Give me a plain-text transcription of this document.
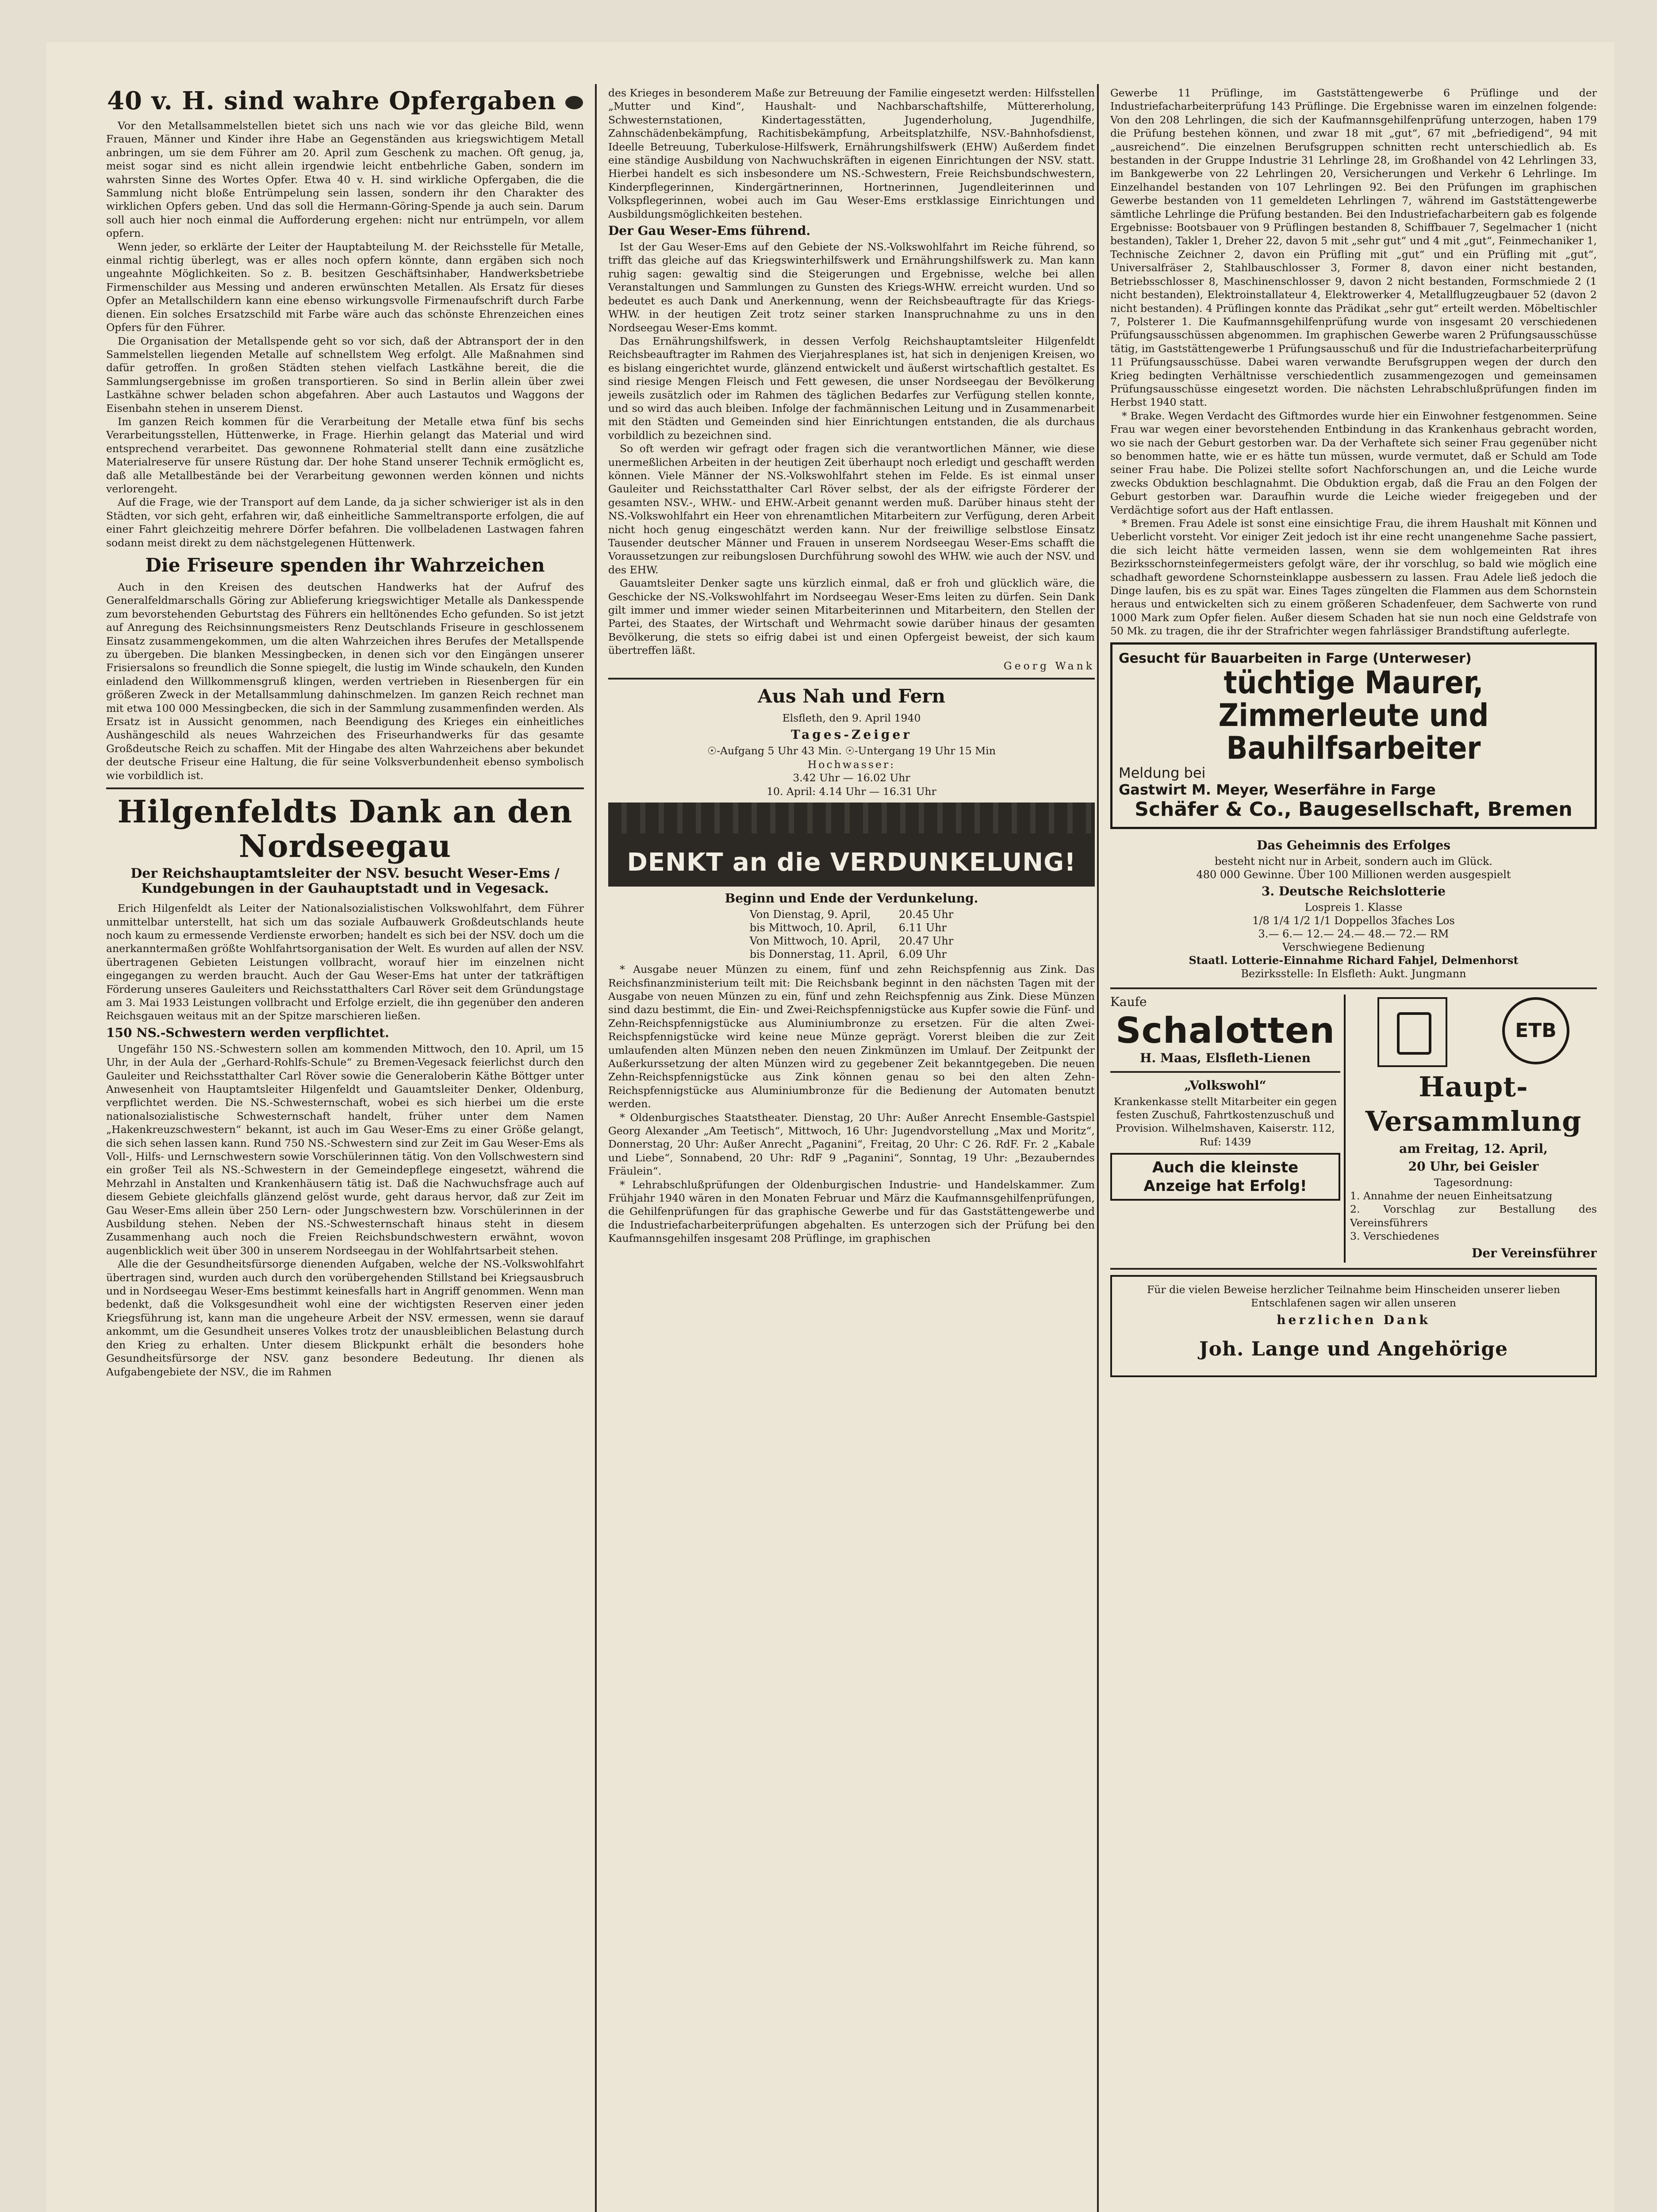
40 v. H. sind wahre Opfergaben

Vor den Metallsammelstellen bietet sich uns nach wie vor das gleiche Bild, wenn Frauen, Männer und Kinder ihre Habe an Gegenständen aus kriegswichtigem Metall anbringen, um sie dem Führer am 20. April zum Geschenk zu machen. Oft genug, ja, meist sogar sind es nicht allein irgendwie leicht entbehrliche Gaben, sondern im wahrsten Sinne des Wortes Opfer. Etwa 40 v. H. sind wirkliche Opfergaben, die die Sammlung nicht bloße Entrümpelung sein lassen, sondern ihr den Charakter des wirklichen Opfers geben. Und das soll die Hermann-Göring-Spende ja auch sein. Darum soll auch hier noch einmal die Aufforderung ergehen: nicht nur entrümpeln, vor allem opfern.

Wenn jeder, so erklärte der Leiter der Hauptabteilung M. der Reichsstelle für Metalle, einmal richtig überlegt, was er alles noch opfern könnte, dann ergäben sich noch ungeahnte Möglichkeiten. So z. B. besitzen Geschäftsinhaber, Handwerksbetriebe Firmenschilder aus Messing und anderen erwünschten Metallen. Als Ersatz für dieses Opfer an Metallschildern kann eine ebenso wirkungsvolle Firmenaufschrift durch Farbe dienen. Ein solches Ersatzschild mit Farbe wäre auch das schönste Ehrenzeichen eines Opfers für den Führer.

Die Organisation der Metallspende geht so vor sich, daß der Abtransport der in den Sammelstellen liegenden Metalle auf schnellstem Weg erfolgt. Alle Maßnahmen sind dafür getroffen. In großen Städten stehen vielfach Lastkähne bereit, die die Sammlungsergebnisse im großen transportieren. So sind in Berlin allein über zwei Lastkähne schwer beladen schon abgefahren. Aber auch Lastautos und Waggons der Eisenbahn stehen in unserem Dienst.

Im ganzen Reich kommen für die Verarbeitung der Metalle etwa fünf bis sechs Verarbeitungsstellen, Hüttenwerke, in Frage. Hierhin gelangt das Material und wird entsprechend verarbeitet. Das gewonnene Rohmaterial stellt dann eine zusätzliche Materialreserve für unsere Rüstung dar. Der hohe Stand unserer Technik ermöglicht es, daß alle Metallbestände bei der Verarbeitung gewonnen werden können und nichts verlorengeht.

Auf die Frage, wie der Transport auf dem Lande, da ja sicher schwieriger ist als in den Städten, vor sich geht, erfahren wir, daß einheitliche Sammeltransporte erfolgen, die auf einer Fahrt gleichzeitig mehrere Dörfer befahren. Die vollbeladenen Lastwagen fahren sodann meist direkt zu dem nächstgelegenen Hüttenwerk.

Die Friseure spenden ihr Wahrzeichen

Auch in den Kreisen des deutschen Handwerks hat der Aufruf des Generalfeldmarschalls Göring zur Ablieferung kriegswichtiger Metalle als Dankesspende zum bevorstehenden Geburtstag des Führers ein helltönendes Echo gefunden. So ist jetzt auf Anregung des Reichsinnungsmeisters Renz Deutschlands Friseure in geschlossenem Einsatz zusammengekommen, um die alten Wahrzeichen ihres Berufes der Metallspende zu übergeben. Die blanken Messingbecken, in denen sich vor den Eingängen unserer Frisiersalons so freundlich die Sonne spiegelt, die lustig im Winde schaukeln, den Kunden einladend den Willkommensgruß klingen, werden vertrieben in Riesenbergen für ein größeren Zweck in der Metallsammlung dahinschmelzen. Im ganzen Reich rechnet man mit etwa 100 000 Messingbecken, die sich in der Sammlung zusammenfinden werden. Als Ersatz ist in Aussicht genommen, nach Beendigung des Krieges ein einheitliches Aushängeschild als neues Wahrzeichen des Friseurhandwerks für das gesamte Großdeutsche Reich zu schaffen. Mit der Hingabe des alten Wahrzeichens aber bekundet der deutsche Friseur eine Haltung, die für seine Volksverbundenheit ebenso symbolisch wie vorbildlich ist.

Hilgenfeldts Dank an den Nordseegau
Der Reichshauptamtsleiter der NSV. besucht Weser-Ems / Kundgebungen in der Gauhauptstadt und in Vegesack.

Erich Hilgenfeldt als Leiter der Nationalsozialistischen Volkswohlfahrt, dem Führer unmittelbar unterstellt, hat sich um das soziale Aufbauwerk Großdeutschlands heute noch kaum zu ermessende Verdienste erworben; handelt es sich bei der NSV. doch um die anerkanntermaßen größte Wohlfahrtsorganisation der Welt. Es wurden auf allen der NSV. übertragenen Gebieten Leistungen vollbracht, worauf hier im einzelnen nicht eingegangen zu werden braucht. Auch der Gau Weser-Ems hat unter der tatkräftigen Förderung unseres Gauleiters und Reichsstatthalters Carl Röver seit dem Gründungstage am 3. Mai 1933 Leistungen vollbracht und Erfolge erzielt, die ihn gegenüber den anderen Reichsgauen weitaus mit an der Spitze marschieren ließen.

150 NS.-Schwestern werden verpflichtet.

Ungefähr 150 NS.-Schwestern sollen am kommenden Mittwoch, den 10. April, um 15 Uhr, in der Aula der „Gerhard-Rohlfs-Schule“ zu Bremen-Vegesack feierlichst durch den Gauleiter und Reichsstatthalter Carl Röver sowie die Generaloberin Käthe Böttger unter Anwesenheit von Hauptamtsleiter Hilgenfeldt und Gauamtsleiter Denker, Oldenburg, verpflichtet werden. Die NS.-Schwesternschaft, wobei es sich hierbei um die erste nationalsozialistische Schwesternschaft handelt, früher unter dem Namen „Hakenkreuzschwestern“ bekannt, ist auch im Gau Weser-Ems zu einer Größe gelangt, die sich sehen lassen kann. Rund 750 NS.-Schwestern sind zur Zeit im Gau Weser-Ems als Voll-, Hilfs- und Lernschwestern sowie Vorschülerinnen tätig. Von den Vollschwestern sind ein großer Teil als NS.-Schwestern in der Gemeindepflege eingesetzt, während die Mehrzahl in Anstalten und Krankenhäusern tätig ist. Daß die Nachwuchsfrage auch auf diesem Gebiete gleichfalls glänzend gelöst wurde, geht daraus hervor, daß zur Zeit im Gau Weser-Ems allein über 250 Lern- oder Jungschwestern bzw. Vorschülerinnen in der Ausbildung stehen. Neben der NS.-Schwesternschaft hinaus steht in diesem Zusammenhang auch noch die Freien Reichsbundschwestern erwähnt, wovon augenblicklich weit über 300 in unserem Nordseegau in der Wohlfahrtsarbeit stehen.

Alle die der Gesundheitsfürsorge dienenden Aufgaben, welche der NS.-Volkswohlfahrt übertragen sind, wurden auch durch den vorübergehenden Stillstand bei Kriegsausbruch und in Nordseegau Weser-Ems bestimmt keinesfalls hart in Angriff genommen. Wenn man bedenkt, daß die Volksgesundheit wohl eine der wichtigsten Reserven einer jeden Kriegsführung ist, kann man die ungeheure Arbeit der NSV. ermessen, wenn sie darauf ankommt, um die Gesundheit unseres Volkes trotz der unausbleiblichen Belastung durch den Krieg zu erhalten. Unter diesem Blickpunkt erhält die besonders hohe Gesundheitsfürsorge der NSV. ganz besondere Bedeutung. Ihr dienen als Aufgabengebiete der NSV., die im Rahmen

des Krieges in besonderem Maße zur Betreuung der Familie eingesetzt werden: Hilfsstellen „Mutter und Kind“, Haushalt- und Nachbarschaftshilfe, Müttererholung, Schwesternstationen, Kindertagesstätten, Jugenderholung, Jugendhilfe, Zahnschädenbekämpfung, Rachitisbekämpfung, Arbeitsplatzhilfe, NSV.-Bahnhofsdienst, Ideelle Betreuung, Tuberkulose-Hilfswerk, Ernährungshilfswerk (EHW) Außerdem findet eine ständige Ausbildung von Nachwuchskräften in eigenen Einrichtungen der NSV. statt. Hierbei handelt es sich insbesondere um NS.-Schwestern, Freie Reichsbundschwestern, Kinderpflegerinnen, Kindergärtnerinnen, Hortnerinnen, Jugendleiterinnen und Volkspflegerinnen, wobei auch im Gau Weser-Ems erstklassige Einrichtungen und Ausbildungsmöglichkeiten bestehen.

Der Gau Weser-Ems führend.

Ist der Gau Weser-Ems auf den Gebiete der NS.-Volkswohlfahrt im Reiche führend, so trifft das gleiche auf das Kriegswinterhilfswerk und Ernährungshilfswerk zu. Man kann ruhig sagen: gewaltig sind die Steigerungen und Ergebnisse, welche bei allen Veranstaltungen und Sammlungen zu Gunsten des Kriegs-WHW. erreicht wurden. Und so bedeutet es auch Dank und Anerkennung, wenn der Reichsbeauftragte für das Kriegs-WHW. in der heutigen Zeit trotz seiner starken Inanspruchnahme zu uns in den Nordseegau Weser-Ems kommt.

Das Ernährungshilfswerk, in dessen Verfolg Reichshauptamtsleiter Hilgenfeldt Reichsbeauftragter im Rahmen des Vierjahresplanes ist, hat sich in denjenigen Kreisen, wo es bislang eingerichtet wurde, glänzend entwickelt und äußerst wirtschaftlich gestaltet. Es sind riesige Mengen Fleisch und Fett gewesen, die unser Nordseegau der Bevölkerung jeweils zusätzlich oder im Rahmen des täglichen Bedarfes zur Verfügung stellen konnte, und so wird das auch bleiben. Infolge der fachmännischen Leitung und in Zusammenarbeit mit den Städten und Gemeinden sind hier Einrichtungen entstanden, die als durchaus vorbildlich zu bezeichnen sind.

So oft werden wir gefragt oder fragen sich die verantwortlichen Männer, wie diese unermeßlichen Arbeiten in der heutigen Zeit überhaupt noch erledigt und geschafft werden können. Viele Männer der NS.-Volkswohlfahrt stehen im Felde. Es ist einmal unser Gauleiter und Reichsstatthalter Carl Röver selbst, der als der eifrigste Förderer der gesamten NSV.-, WHW.- und EHW.-Arbeit genannt werden muß. Darüber hinaus steht der NS.-Volkswohlfahrt ein Heer von ehrenamtlichen Mitarbeitern zur Verfügung, deren Arbeit nicht hoch genug eingeschätzt werden kann. Nur der freiwillige selbstlose Einsatz Tausender deutscher Männer und Frauen in unserem Nordseegau Weser-Ems schafft die Voraussetzungen zur reibungslosen Durchführung sowohl des WHW. wie auch der NSV. und des EHW.

Gauamtsleiter Denker sagte uns kürzlich einmal, daß er froh und glücklich wäre, die Geschicke der NS.-Volkswohlfahrt im Nordseegau Weser-Ems leiten zu dürfen. Sein Dank gilt immer und immer wieder seinen Mitarbeiterinnen und Mitarbeitern, den Stellen der Partei, des Staates, der Wirtschaft und Wehrmacht sowie darüber hinaus der gesamten Bevölkerung, die stets so eifrig dabei ist und einen Opfergeist beweist, der sich kaum übertreffen läßt.

Georg Wank
Aus Nah und Fern
Elsfleth, den 9. April 1940
Tages-Zeiger
☉-Aufgang 5 Uhr 43 Min. ☉-Untergang 19 Uhr 15 Min
Hochwasser:
3.42 Uhr — 16.02 Uhr
10. April: 4.14 Uhr — 16.31 Uhr
DENKT an die VERDUNKELUNG!
Beginn und Ende der Verdunkelung.
Von Dienstag, 9. April,	20.45 Uhr
bis Mittwoch, 10. April,	6.11 Uhr
Von Mittwoch, 10. April,	20.47 Uhr
bis Donnerstag, 11. April,	6.09 Uhr

* Ausgabe neuer Münzen zu einem, fünf und zehn Reichspfennig aus Zink. Das Reichsfinanzministerium teilt mit: Die Reichsbank beginnt in den nächsten Tagen mit der Ausgabe von neuen Münzen zu ein, fünf und zehn Reichspfennig aus Zink. Diese Münzen sind dazu bestimmt, die Ein- und Zwei-Reichspfennigstücke aus Kupfer sowie die Fünf- und Zehn-Reichspfennigstücke aus Aluminiumbronze zu ersetzen. Für die alten Zwei-Reichspfennigstücke wird keine neue Münze geprägt. Vorerst bleiben die zur Zeit umlaufenden alten Münzen neben den neuen Zinkmünzen im Umlauf. Der Zeitpunkt der Außerkurssetzung der alten Münzen wird zu gegebener Zeit bekanntgegeben. Die neuen Zehn-Reichspfennigstücke aus Zink können genau so bei den alten Zehn-Reichspfennigstücke aus Aluminiumbronze für die Bedienung der Automaten benutzt werden.

* Oldenburgisches Staatstheater. Dienstag, 20 Uhr: Außer Anrecht Ensemble-Gastspiel Georg Alexander „Am Teetisch“, Mittwoch, 16 Uhr: Jugendvorstellung „Max und Moritz“, Donnerstag, 20 Uhr: Außer Anrecht „Paganini“, Freitag, 20 Uhr: C 26. RdF. Fr. 2 „Kabale und Liebe“, Sonnabend, 20 Uhr: RdF 9 „Paganini“, Sonntag, 19 Uhr: „Bezauberndes Fräulein“.

* Lehrabschlußprüfungen der Oldenburgischen Industrie- und Handelskammer. Zum Frühjahr 1940 wären in den Monaten Februar und März die Kaufmannsgehilfenprüfungen, die Gehilfenprüfungen für das graphische Gewerbe und für das Gaststättengewerbe und die Industriefacharbeiterprüfungen abgehalten. Es unterzogen sich der Prüfung bei den Kaufmannsgehilfen insgesamt 208 Prüflinge, im graphischen

Gewerbe 11 Prüflinge, im Gaststättengewerbe 6 Prüflinge und der Industriefacharbeiterprüfung 143 Prüflinge. Die Ergebnisse waren im einzelnen folgende: Von den 208 Lehrlingen, die sich der Kaufmannsgehilfenprüfung unterzogen, haben 179 die Prüfung bestehen können, und zwar 18 mit „gut“, 67 mit „befriedigend“, 94 mit „ausreichend“. Die einzelnen Berufsgruppen schnitten recht unterschiedlich ab. Es bestanden in der Gruppe Industrie 31 Lehrlinge 28, im Großhandel von 42 Lehrlingen 33, im Bankgewerbe von 22 Lehrlingen 20, Versicherungen und Verkehr 6 Lehrlinge. Im Einzelhandel bestanden von 107 Lehrlingen 92. Bei den Prüfungen im graphischen Gewerbe bestanden von 11 gemeldeten Lehrlingen 7, während im Gaststättengewerbe sämtliche Lehrlinge die Prüfung bestanden. Bei den Industriefacharbeitern gab es folgende Ergebnisse: Bootsbauer von 9 Prüflingen bestanden 8, Schiffbauer 7, Segelmacher 1 (nicht bestanden), Takler 1, Dreher 22, davon 5 mit „sehr gut“ und 4 mit „gut“, Feinmechaniker 1, Technische Zeichner 2, davon ein Prüfling mit „gut“ und ein Prüfling mit „gut“, Universalfräser 2, Stahlbauschlosser 3, Former 8, davon einer nicht bestanden, Betriebsschlosser 8, Maschinenschlosser 9, davon 2 nicht bestanden, Formschmiede 2 (1 nicht bestanden), Elektroinstallateur 4, Elektrowerker 4, Metallflugzeugbauer 52 (davon 2 nicht bestanden). 4 Prüflingen konnte das Prädikat „sehr gut“ erteilt werden. Möbeltischler 7, Polsterer 1. Die Kaufmannsgehilfenprüfung wurde von insgesamt 20 verschiedenen Prüfungsausschüssen abgenommen. Im graphischen Gewerbe waren 2 Prüfungsausschüsse tätig, im Gaststättengewerbe 1 Prüfungsausschuß und für die Industriefacharbeiterprüfung 11 Prüfungsausschüsse. Dabei waren verwandte Berufsgruppen wegen der durch den Krieg bedingten Verhältnisse verschiedentlich zusammengezogen und gemeinsamen Prüfungsausschüsse eingesetzt worden. Die nächsten Lehrabschlußprüfungen finden im Herbst 1940 statt.

* Brake. Wegen Verdacht des Giftmordes wurde hier ein Einwohner festgenommen. Seine Frau war wegen einer bevorstehenden Entbindung in das Krankenhaus gebracht worden, wo sie nach der Geburt gestorben war. Da der Verhaftete sich seiner Frau gegenüber nicht so benommen hatte, wie er es hätte tun müssen, wurde vermutet, daß er Schuld am Tode seiner Frau habe. Die Polizei stellte sofort Nachforschungen an, und die Leiche wurde zwecks Obduktion beschlagnahmt. Die Obduktion ergab, daß die Frau an den Folgen der Geburt gestorben war. Daraufhin wurde die Leiche wieder freigegeben und der Verdächtige sofort aus der Haft entlassen.

* Bremen. Frau Adele ist sonst eine einsichtige Frau, die ihrem Haushalt mit Können und Ueberlicht vorsteht. Vor einiger Zeit jedoch ist ihr eine recht unangenehme Sache passiert, die sich leicht hätte vermeiden lassen, wenn sie dem wohlgemeinten Rat ihres Bezirksschornsteinfegermeisters gefolgt wäre, der ihr vorschlug, so bald wie möglich eine schadhaft gewordene Schornsteinklappe ausbessern zu lassen. Frau Adele ließ jedoch die Dinge laufen, bis es zu spät war. Eines Tages züngelten die Flammen aus dem Schornstein heraus und entwickelten sich zu einem größeren Schadenfeuer, dem Sachwerte von rund 1000 Mark zum Opfer fielen. Außer diesem Schaden hat sie nun noch eine Geldstrafe von 50 Mk. zu tragen, die ihr der Strafrichter wegen fahrlässiger Brandstiftung auferlegte.

Gesucht für Bauarbeiten in Farge (Unterweser)
tüchtige Maurer, Zimmerleute und Bauhilfsarbeiter
Meldung bei
Gastwirt M. Meyer, Weserfähre in Farge
Schäfer & Co., Baugesellschaft, Bremen
Das Geheimnis des Erfolges
besteht nicht nur in Arbeit, sondern auch im Glück.
480 000 Gewinne. Über 100 Millionen werden ausgespielt
3. Deutsche Reichslotterie
Lospreis 1. Klasse
1/8 1/4 1/2 1/1 Doppellos 3faches Los
3.— 6.— 12.— 24.— 48.— 72.— RM
Verschwiegene Bedienung
Staatl. Lotterie-Einnahme Richard Fahjel, Delmenhorst
Bezirksstelle: In Elsfleth: Aukt. Jungmann
Kaufe
Schalotten
H. Maas, Elsfleth-Lienen
„Volkswohl“
Krankenkasse stellt Mitarbeiter ein gegen festen Zuschuß, Fahrtkostenzuschuß und Provision. Wilhelmshaven, Kaiserstr. 112, Ruf: 1439
Auch die kleinste
Anzeige hat Erfolg!
ETB
Haupt-
Versammlung
am Freitag, 12. April,
20 Uhr, bei Geisler
Tagesordnung:
1. Annahme der neuen Einheitsatzung
2. Vorschlag zur Bestallung des Vereinsführers
3. Verschiedenes
Der Vereinsführer
Für die vielen Beweise herzlicher Teilnahme beim Hinscheiden unserer lieben Entschlafenen sagen wir allen unseren
herzlichen Dank
Joh. Lange und Angehörige
